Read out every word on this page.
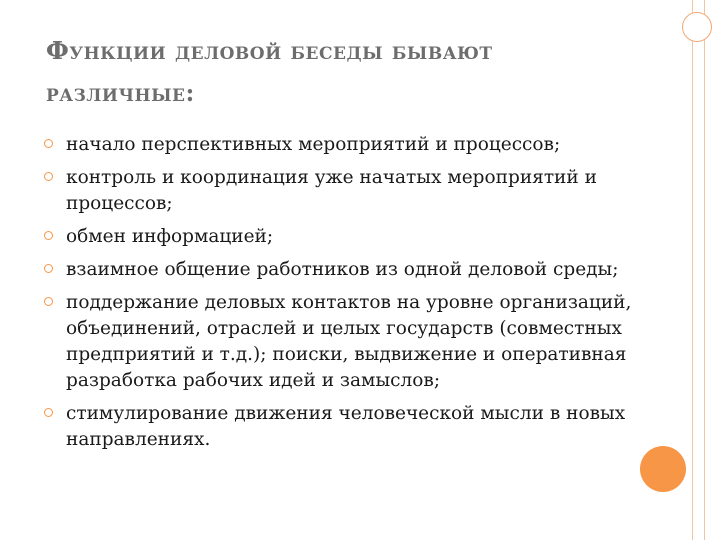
Функции деловой беседы бывают различные:
начало перспективных мероприятий и процессов;
контроль и координация уже начатых мероприятий и процессов;
обмен информацией;
взаимное общение работников из одной деловой среды;
поддержание деловых контактов на уровне организаций, объединений, отраслей и целых государств (совместных предприятий и т.д.); поиски, выдвижение и оперативная разработка рабочих идей и замыслов;
стимулирование движения человеческой мысли в новых направлениях.
